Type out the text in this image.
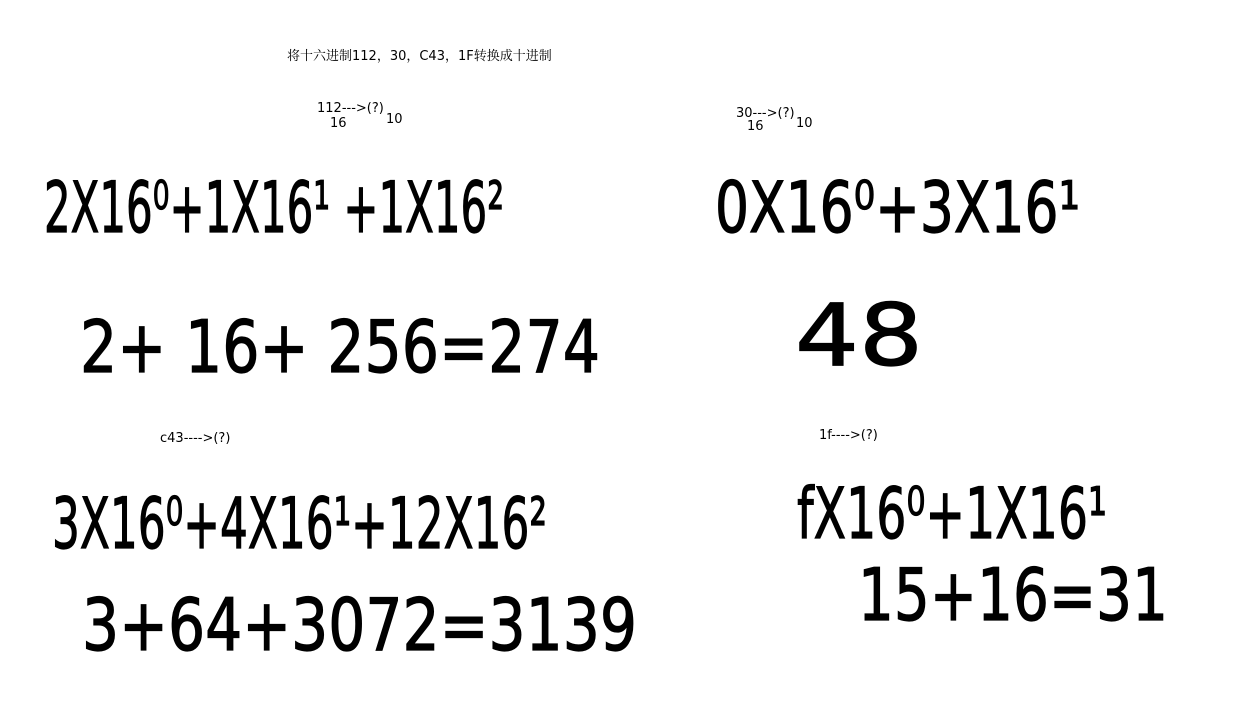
将十六进制112，30，C43，1F转换成十进制
112--->(?)
16	10	30--->(?)
16 10
c43---->(?)	1f---->(?)
2X16⁰+1X16¹ +1X16²
2+ 16+ 256=274
0X16⁰+3X16¹
48
3X16⁰+4X16¹+12X16²
3+64+3072=3139
fX16⁰+1X16¹
15+16=31
